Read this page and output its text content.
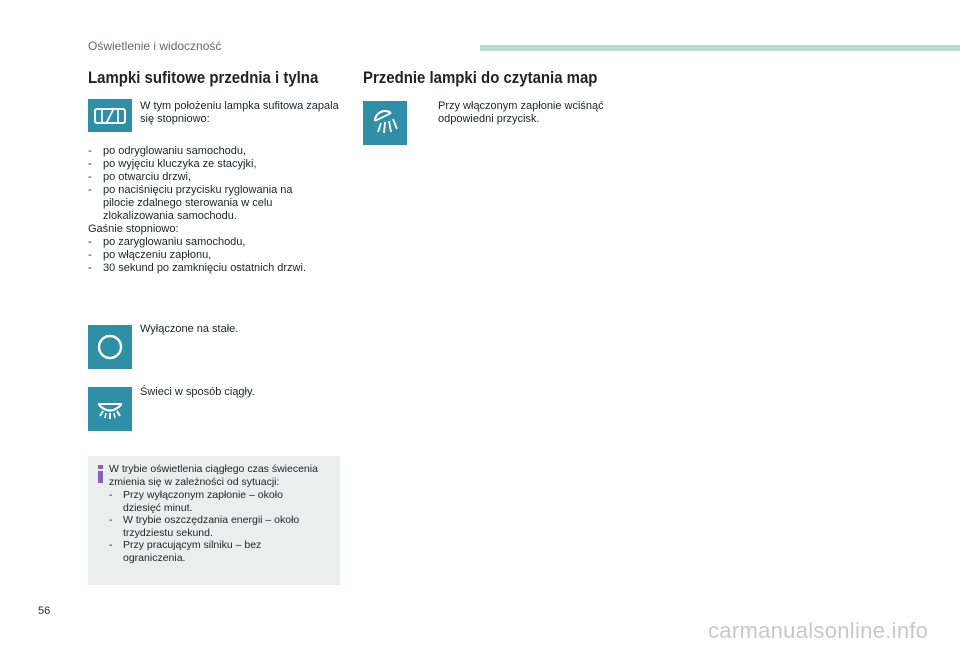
Oświetlenie i widoczność
Lampki sufitowe przednia i tylna	Przednie lampki do czytania map
W tym położeniu lampka sufitowa zapala się stopniowo:
- po odryglowaniu samochodu,
- po wyjęciu kluczyka ze stacyjki,
- po otwarciu drzwi,
- po naciśnięciu przycisku ryglowania na pilocie zdalnego sterowania w celu zlokalizowania samochodu.
Gaśnie stopniowo:
- po zaryglowaniu samochodu,
- po włączeniu zapłonu,
- 30 sekund po zamknięciu ostatnich drzwi.
Wyłączone na stałe.
Świeci w sposób ciągły.
W trybie oświetlenia ciągłego czas świecenia zmienia się w zależności od sytuacji:
- Przy wyłączonym zapłonie – około dziesięć minut.
- W trybie oszczędzania energii – około trzydziestu sekund.
- Przy pracującym silniku – bez ograniczenia.
Przy włączonym zapłonie wciśnąć odpowiedni przycisk.
56
carmanualsonline.info
